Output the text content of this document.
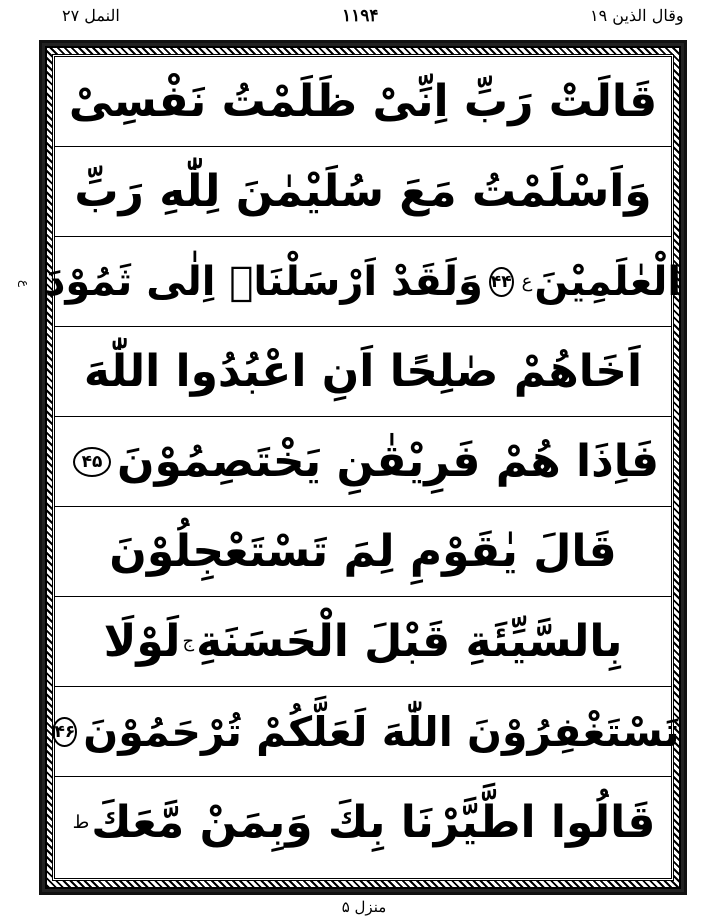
النمل ۲۷	۱۱۹۴	وقال الذين ۱۹
ع
قَالَتْ رَبِّ اِنِّیْ ظَلَمْتُ نَفْسِیْ
وَاَسْلَمْتُ مَعَ سُلَیْمٰنَ لِلّٰهِ رَبِّ
الْعٰلَمِیْنَ
ع
۴۴
وَلَقَدْ اَرْسَلْنَاۤ اِلٰی ثَمُوْدَ
اَخَاهُمْ صٰلِحًا اَنِ اعْبُدُوا اللّٰهَ
فَاِذَا هُمْ فَرِیْقٰنِ یَخْتَصِمُوْنَ
۴۵
قَالَ یٰقَوْمِ لِمَ تَسْتَعْجِلُوْنَ
بِالسَّیِّئَةِ قَبْلَ الْحَسَنَةِ
ج
لَوْلَا
تَسْتَغْفِرُوْنَ اللّٰهَ لَعَلَّكُمْ تُرْحَمُوْنَ
۴۶
قَالُوا اطَّیَّرْنَا بِكَ وَبِمَنْ مَّعَكَ
ط
منزل ۵
